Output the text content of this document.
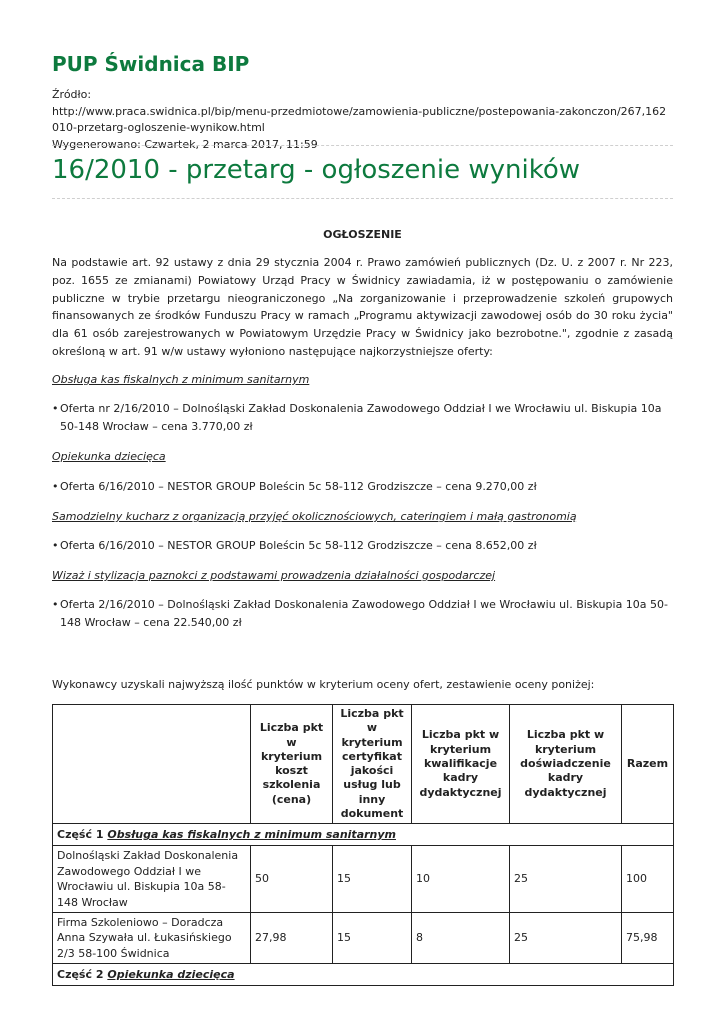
PUP Świdnica BIP
Źródło:
http://www.praca.swidnica.pl/bip/menu-przedmiotowe/zamowienia-publiczne/postepowania-zakonczon/267,162010-przetarg-ogloszenie-wynikow.html
Wygenerowano: Czwartek, 2 marca 2017, 11:59
16/2010 - przetarg - ogłoszenie wyników
OGŁOSZENIE
Na podstawie art. 92 ustawy z dnia 29 stycznia 2004 r. Prawo zamówień publicznych (Dz. U. z 2007 r. Nr 223, poz. 1655 ze zmianami) Powiatowy Urząd Pracy w Świdnicy zawiadamia, iż w postępowaniu o zamówienie publiczne w trybie przetargu nieograniczonego „Na zorganizowanie i przeprowadzenie szkoleń grupowych finansowanych ze środków Funduszu Pracy w ramach „Programu aktywizacji zawodowej osób do 30 roku życia" dla 61 osób zarejestrowanych w Powiatowym Urzędzie Pracy w Świdnicy jako bezrobotne.", zgodnie z zasadą określoną w art. 91 w/w ustawy wyłoniono następujące najkorzystniejsze oferty:
Obsługa kas fiskalnych z minimum sanitarnym
• Oferta nr 2/16/2010 – Dolnośląski Zakład Doskonalenia Zawodowego Oddział I we Wrocławiu ul. Biskupia 10a 50-148 Wrocław – cena 3.770,00 zł
Opiekunka dziecięca
• Oferta 6/16/2010 – NESTOR GROUP Boleścin 5c 58-112 Grodziszcze – cena 9.270,00 zł
Samodzielny kucharz z organizacją przyjęć okolicznościowych, cateringiem i małą gastronomią
• Oferta 6/16/2010 – NESTOR GROUP Boleścin 5c 58-112 Grodziszcze – cena 8.652,00 zł
Wizaż i stylizacja paznokci z podstawami prowadzenia działalności gospodarczej
• Oferta 2/16/2010 – Dolnośląski Zakład Doskonalenia Zawodowego Oddział I we Wrocławiu ul. Biskupia 10a 50-148 Wrocław – cena 22.540,00 zł
Wykonawcy uzyskali najwyższą ilość punktów w kryterium oceny ofert, zestawienie oceny poniżej:
	Liczba pkt w kryterium koszt szkolenia (cena)	Liczba pkt w kryterium certyfikat jakości usług lub inny dokument	Liczba pkt w kryterium kwalifikacje kadry dydaktycznej	Liczba pkt w kryterium doświadczenie kadry dydaktycznej	Razem
Część 1 Obsługa kas fiskalnych z minimum sanitarnym					
Dolnośląski Zakład Doskonalenia Zawodowego Oddział I we Wrocławiu ul. Biskupia 10a 58-148 Wrocław	50	15	10	25	100
Firma Szkoleniowo – Doradcza Anna Szywała ul. Łukasińskiego 2/3 58-100 Świdnica	27,98	15	8	25	75,98
Część 2 Opiekunka dziecięca					
